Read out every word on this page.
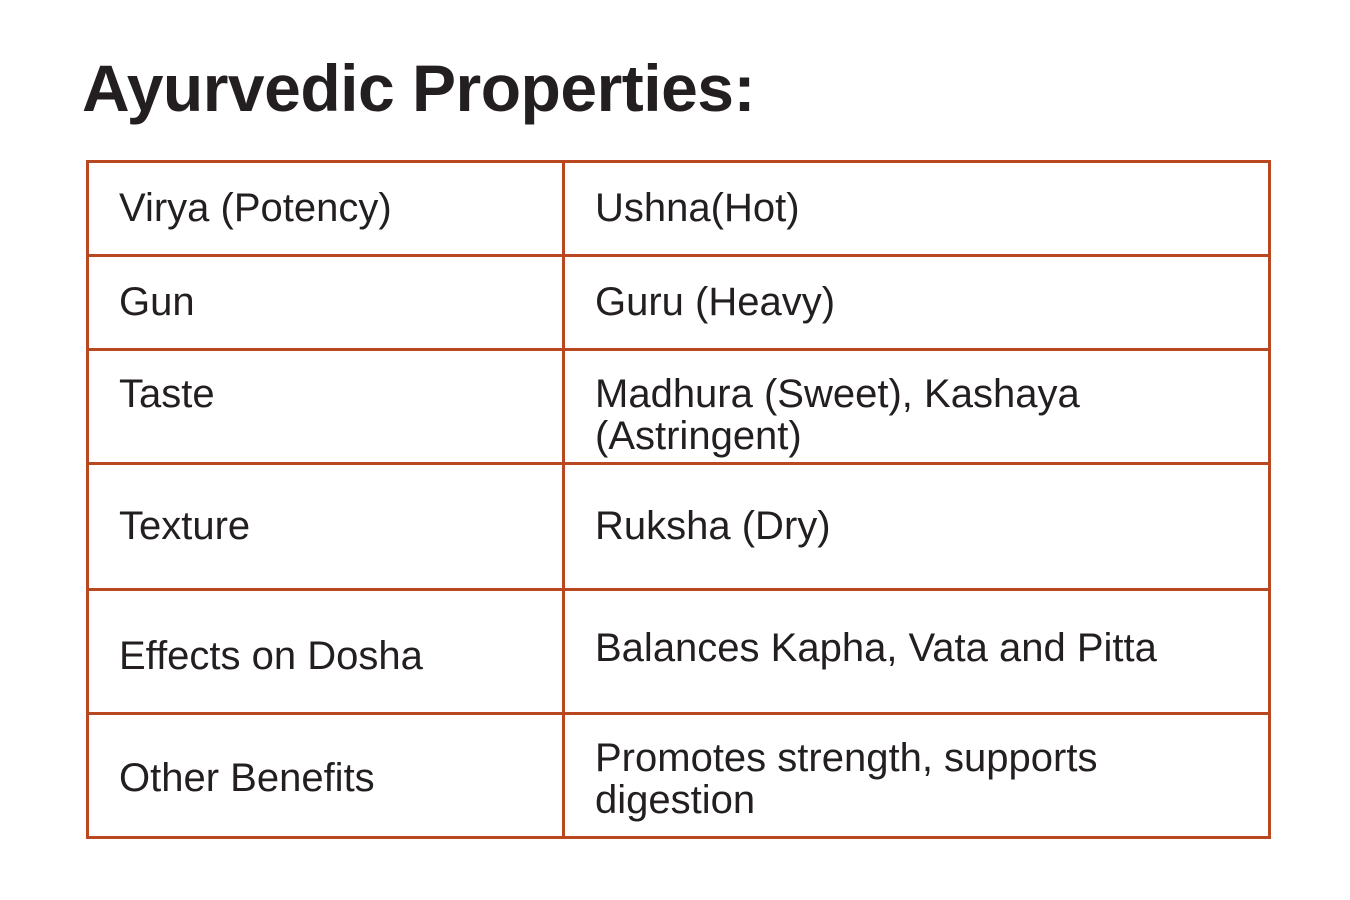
Ayurvedic Properties:
Virya (Potency)	Ushna(Hot)
Gun	Guru (Heavy)
Taste	Madhura (Sweet), Kashaya (Astringent)
Texture	Ruksha (Dry)
Effects on Dosha	Balances Kapha, Vata and Pitta
Other Benefits	Promotes strength, supports digestion
